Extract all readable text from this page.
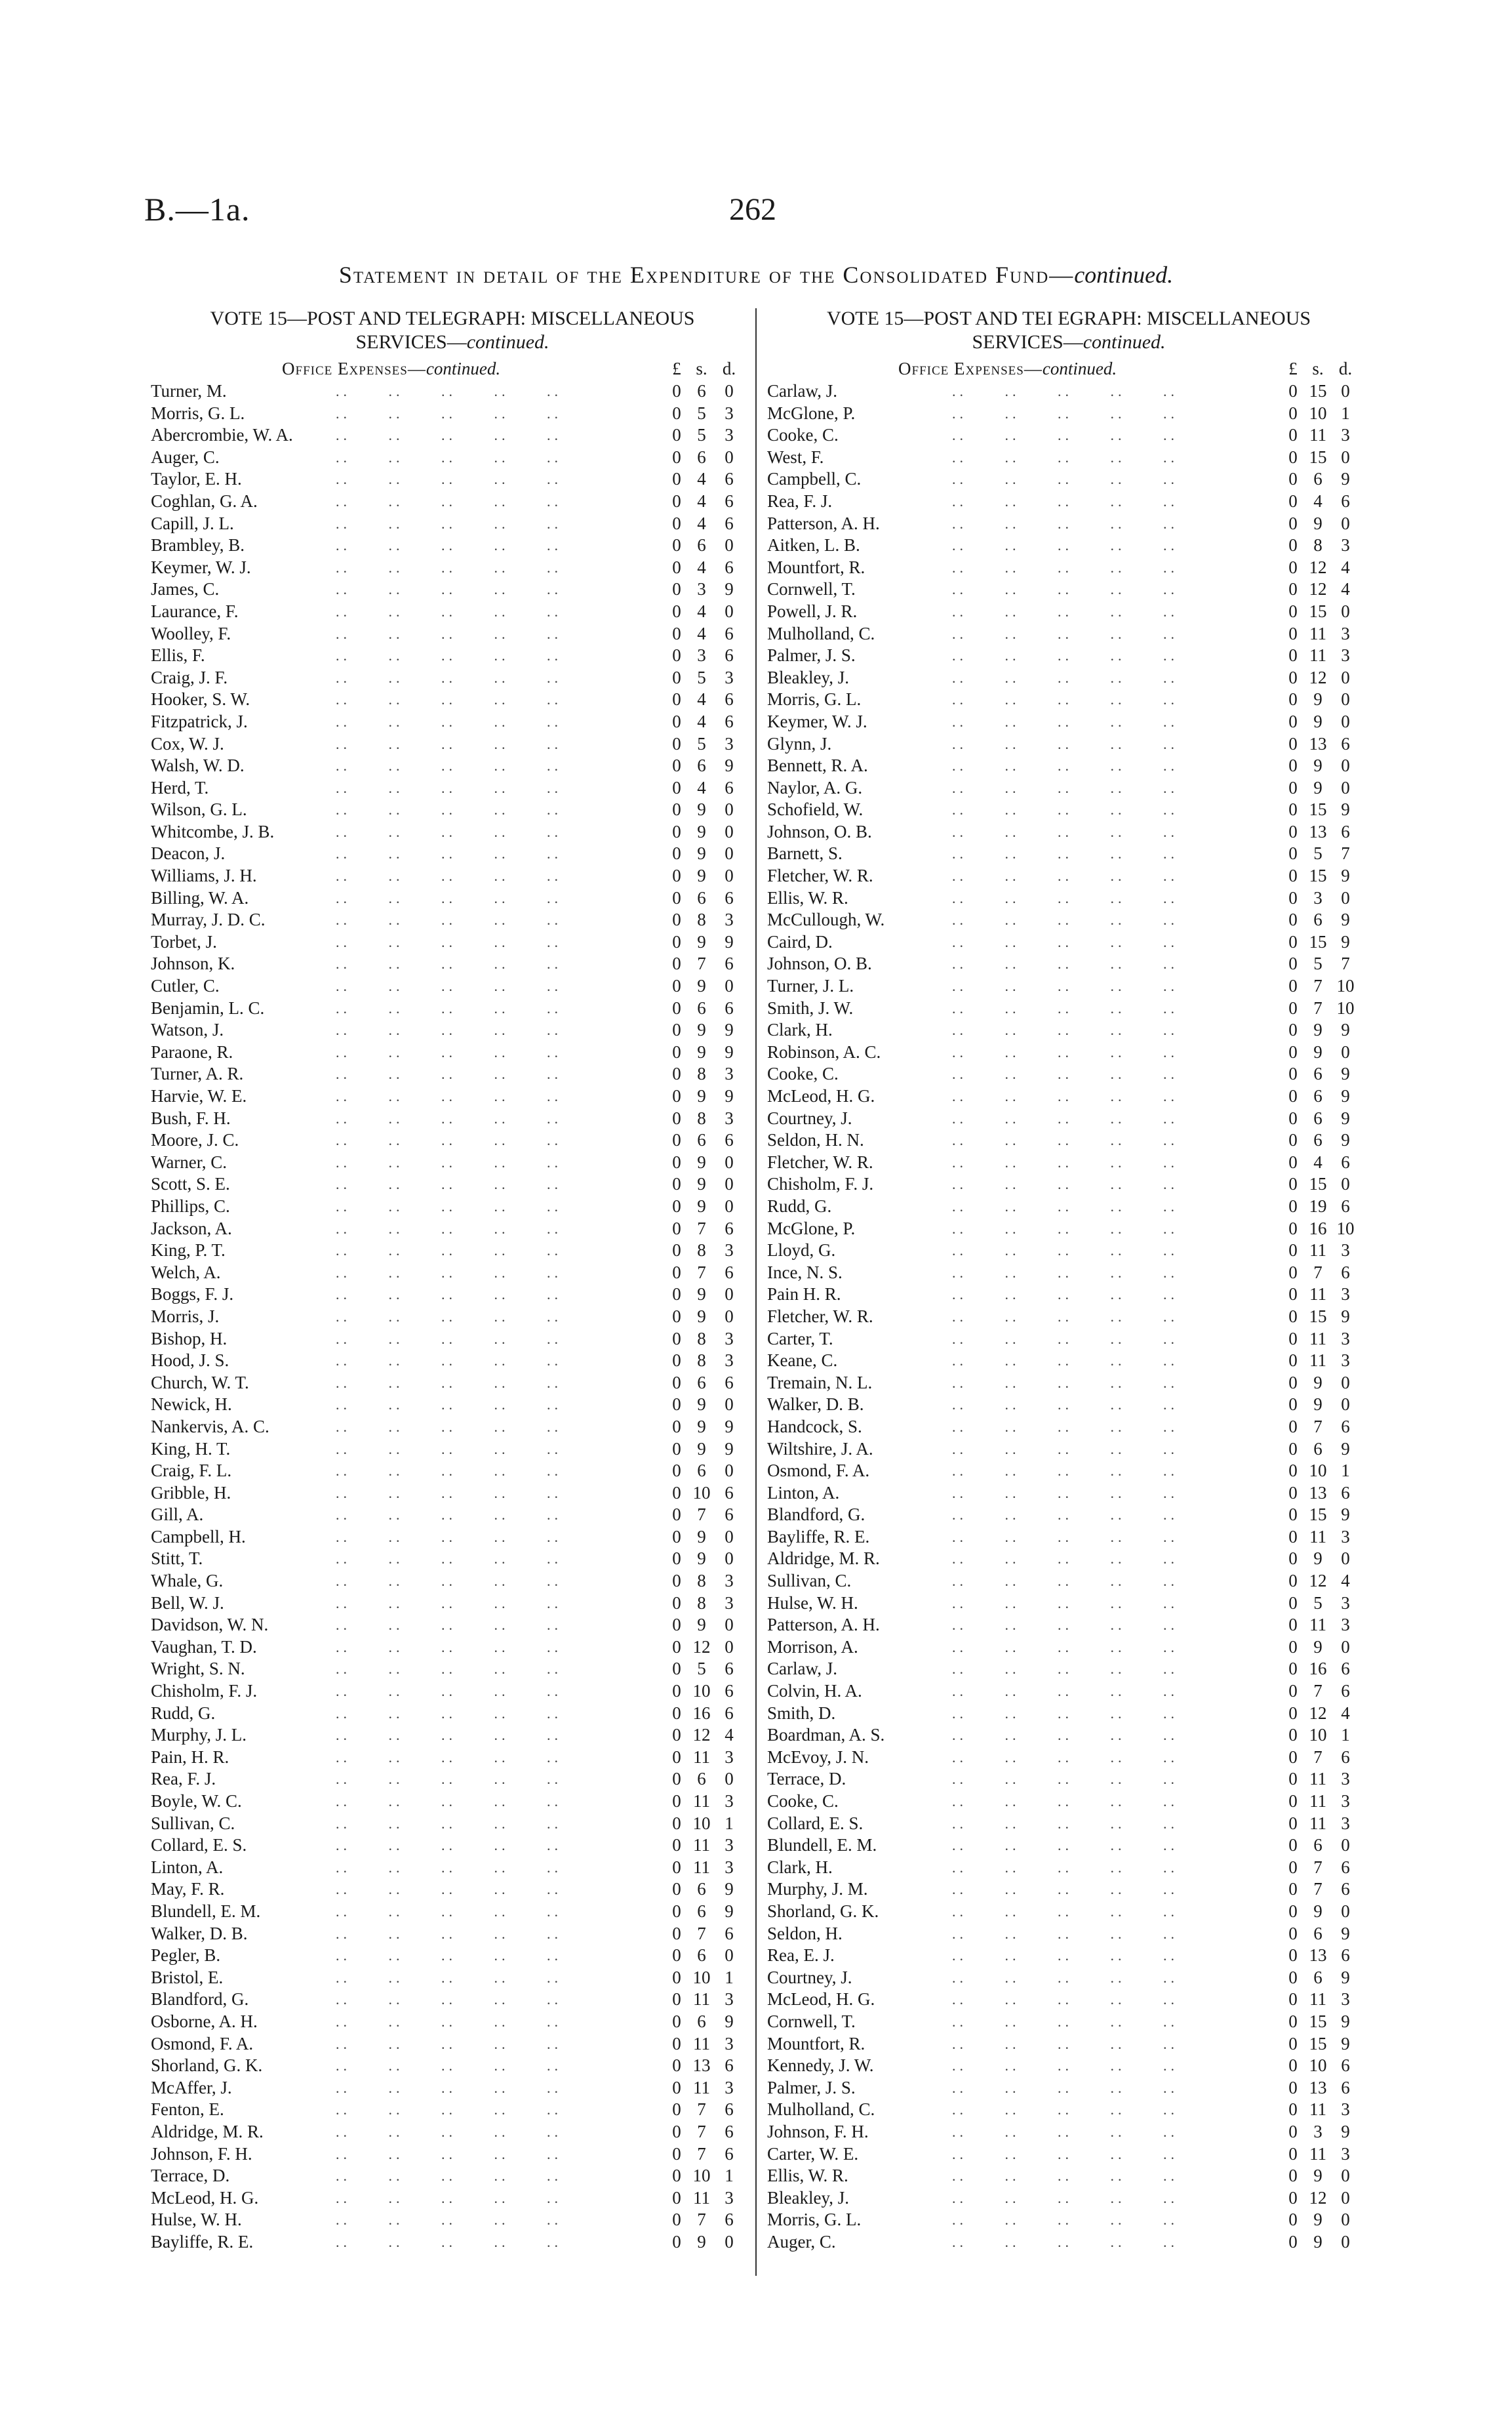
B.—1a.	262
Statement in detail of the Expenditure of the Consolidated Fund—continued.
VOTE 15—POST AND TELEGRAPH: MISCELLANEOUS
SERVICES—continued.
Office Expenses—continued.	£ s. d.
Turner, M.	..     ..     ..     ..     ..	0 6	0
Morris, G. L.	..     ..     ..     ..     ..	0 5	3
Abercrombie, W. A.	..     ..     ..     ..     ..	0 5	3
Auger, C.	..     ..     ..     ..     ..	0 6	0
Taylor, E. H.	..     ..     ..     ..     ..	0 4	6
Coghlan, G. A.	..     ..     ..     ..     ..	0 4	6
Capill, J. L.	..     ..     ..     ..     ..	0 4	6
Brambley, B.	..     ..     ..     ..     ..	0 6	0
Keymer, W. J.	..     ..     ..     ..     ..	0 4	6
James, C.	..     ..     ..     ..     ..	0 3	9
Laurance, F.	..     ..     ..     ..     ..	0 4	0
Woolley, F.	..     ..     ..     ..     ..	0 4	6
Ellis, F.	..     ..     ..     ..     ..	0 3	6
Craig, J. F.	..     ..     ..     ..     ..	0 5	3
Hooker, S. W.	..     ..     ..     ..     ..	0 4	6
Fitzpatrick, J.	..     ..     ..     ..     ..	0 4	6
Cox, W. J.	..     ..     ..     ..     ..	0 5	3
Walsh, W. D.	..     ..     ..     ..     ..	0 6	9
Herd, T.	..     ..     ..     ..     ..	0 4	6
Wilson, G. L.	..     ..     ..     ..     ..	0 9	0
Whitcombe, J. B.	..     ..     ..     ..     ..	0 9	0
Deacon, J.	..     ..     ..     ..     ..	0 9	0
Williams, J. H.	..     ..     ..     ..     ..	0 9	0
Billing, W. A.	..     ..     ..     ..     ..	0 6	6
Murray, J. D. C.	..     ..     ..     ..     ..	0 8	3
Torbet, J.	..     ..     ..     ..     ..	0 9	9
Johnson, K.	..     ..     ..     ..     ..	0 7	6
Cutler, C.	..     ..     ..     ..     ..	0 9	0
Benjamin, L. C.	..     ..     ..     ..     ..	0 6	6
Watson, J.	..     ..     ..     ..     ..	0 9	9
Paraone, R.	..     ..     ..     ..     ..	0 9	9
Turner, A. R.	..     ..     ..     ..     ..	0 8	3
Harvie, W. E.	..     ..     ..     ..     ..	0 9	9
Bush, F. H.	..     ..     ..     ..     ..	0 8	3
Moore, J. C.	..     ..     ..     ..     ..	0 6	6
Warner, C.	..     ..     ..     ..     ..	0 9	0
Scott, S. E.	..     ..     ..     ..     ..	0 9	0
Phillips, C.	..     ..     ..     ..     ..	0 9	0
Jackson, A.	..     ..     ..     ..     ..	0 7	6
King, P. T.	..     ..     ..     ..     ..	0 8	3
Welch, A.	..     ..     ..     ..     ..	0 7	6
Boggs, F. J.	..     ..     ..     ..     ..	0 9	0
Morris, J.	..     ..     ..     ..     ..	0 9	0
Bishop, H.	..     ..     ..     ..     ..	0 8	3
Hood, J. S.	..     ..     ..     ..     ..	0 8	3
Church, W. T.	..     ..     ..     ..     ..	0 6	6
Newick, H.	..     ..     ..     ..     ..	0 9	0
Nankervis, A. C.	..     ..     ..     ..     ..	0 9	9
King, H. T.	..     ..     ..     ..     ..	0 9	9
Craig, F. L.	..     ..     ..     ..     ..	0 6	0
Gribble, H.	..     ..     ..     ..     ..	0 10 6
Gill, A.	..     ..     ..     ..     ..	0 7	6
Campbell, H.	..     ..     ..     ..     ..	0 9	0
Stitt, T.	..     ..     ..     ..     ..	0 9	0
Whale, G.	..     ..     ..     ..     ..	0 8	3
Bell, W. J.	..     ..     ..     ..     ..	0 8	3
Davidson, W. N.	..     ..     ..     ..     ..	0 9	0
Vaughan, T. D.	..     ..     ..     ..     ..	0 12 0
Wright, S. N.	..     ..     ..     ..     ..	0 5	6
Chisholm, F. J.	..     ..     ..     ..     ..	0 10 6
Rudd, G.	..     ..     ..     ..     ..	0 16 6
Murphy, J. L.	..     ..     ..     ..     ..	0 12 4
Pain, H. R.	..     ..     ..     ..     ..	0 11 3
Rea, F. J.	..     ..     ..     ..     ..	0 6	0
Boyle, W. C.	..     ..     ..     ..     ..	0 11 3
Sullivan, C.	..     ..     ..     ..     ..	0 10 1
Collard, E. S.	..     ..     ..     ..     ..	0 11 3
Linton, A.	..     ..     ..     ..     ..	0 11 3
May, F. R.	..     ..     ..     ..     ..	0 6	9
Blundell, E. M.	..     ..     ..     ..     ..	0 6	9
Walker, D. B.	..     ..     ..     ..     ..	0 7	6
Pegler, B.	..     ..     ..     ..     ..	0 6	0
Bristol, E.	..     ..     ..     ..     ..	0 10 1
Blandford, G.	..     ..     ..     ..     ..	0 11 3
Osborne, A. H.	..     ..     ..     ..     ..	0 6	9
Osmond, F. A.	..     ..     ..     ..     ..	0 11 3
Shorland, G. K.	..     ..     ..     ..     ..	0 13 6
McAffer, J.	..     ..     ..     ..     ..	0 11 3
Fenton, E.	..     ..     ..     ..     ..	0 7	6
Aldridge, M. R.	..     ..     ..     ..     ..	0 7	6
Johnson, F. H.	..     ..     ..     ..     ..	0 7	6
Terrace, D.	..     ..     ..     ..     ..	0 10 1
McLeod, H. G.	..     ..     ..     ..     ..	0 11 3
Hulse, W. H.	..     ..     ..     ..     ..	0 7	6
Bayliffe, R. E.	..     ..     ..     ..     ..	0 9	0
VOTE 15—POST AND TEI EGRAPH: MISCELLANEOUS
SERVICES—continued.
Office Expenses—continued.	£ s. d.
Carlaw, J.	..     ..     ..     ..     ..	0 15 0
McGlone, P.	..     ..     ..     ..     ..	0 10 1
Cooke, C.	..     ..     ..     ..     ..	0 11 3
West, F.	..     ..     ..     ..     ..	0 15 0
Campbell, C.	..     ..     ..     ..     ..	0 6	9
Rea, F. J.	..     ..     ..     ..     ..	0 4	6
Patterson, A. H.	..     ..     ..     ..     ..	0 9	0
Aitken, L. B.	..     ..     ..     ..     ..	0 8	3
Mountfort, R.	..     ..     ..     ..     ..	0 12 4
Cornwell, T.	..     ..     ..     ..     ..	0 12 4
Powell, J. R.	..     ..     ..     ..     ..	0 15 0
Mulholland, C.	..     ..     ..     ..     ..	0 11 3
Palmer, J. S.	..     ..     ..     ..     ..	0 11 3
Bleakley, J.	..     ..     ..     ..     ..	0 12 0
Morris, G. L.	..     ..     ..     ..     ..	0 9	0
Keymer, W. J.	..     ..     ..     ..     ..	0 9	0
Glynn, J.	..     ..     ..     ..     ..	0 13 6
Bennett, R. A.	..     ..     ..     ..     ..	0 9	0
Naylor, A. G.	..     ..     ..     ..     ..	0 9	0
Schofield, W.	..     ..     ..     ..     ..	0 15 9
Johnson, O. B.	..     ..     ..     ..     ..	0 13 6
Barnett, S.	..     ..     ..     ..     ..	0 5	7
Fletcher, W. R.	..     ..     ..     ..     ..	0 15 9
Ellis, W. R.	..     ..     ..     ..     ..	0 3	0
McCullough, W.	..     ..     ..     ..     ..	0 6	9
Caird, D.	..     ..     ..     ..     ..	0 15 9
Johnson, O. B.	..     ..     ..     ..     ..	0 5	7
Turner, J. L.	..     ..     ..     ..     ..	0 7 10
Smith, J. W.	..     ..     ..     ..     ..	0 7 10
Clark, H.	..     ..     ..     ..     ..	0 9	9
Robinson, A. C.	..     ..     ..     ..     ..	0 9	0
Cooke, C.	..     ..     ..     ..     ..	0 6	9
McLeod, H. G.	..     ..     ..     ..     ..	0 6	9
Courtney, J.	..     ..     ..     ..     ..	0 6	9
Seldon, H. N.	..     ..     ..     ..     ..	0 6	9
Fletcher, W. R.	..     ..     ..     ..     ..	0 4	6
Chisholm, F. J.	..     ..     ..     ..     ..	0 15 0
Rudd, G.	..     ..     ..     ..     ..	0 19 6
McGlone, P.	..     ..     ..     ..     ..	0 16 10
Lloyd, G.	..     ..     ..     ..     ..	0 11 3
Ince, N. S.	..     ..     ..     ..     ..	0 7	6
Pain H. R.	..     ..     ..     ..     ..	0 11 3
Fletcher, W. R.	..     ..     ..     ..     ..	0 15 9
Carter, T.	..     ..     ..     ..     ..	0 11 3
Keane, C.	..     ..     ..     ..     ..	0 11 3
Tremain, N. L.	..     ..     ..     ..     ..	0 9	0
Walker, D. B.	..     ..     ..     ..     ..	0 9	0
Handcock, S.	..     ..     ..     ..     ..	0 7	6
Wiltshire, J. A.	..     ..     ..     ..     ..	0 6	9
Osmond, F. A.	..     ..     ..     ..     ..	0 10 1
Linton, A.	..     ..     ..     ..     ..	0 13 6
Blandford, G.	..     ..     ..     ..     ..	0 15 9
Bayliffe, R. E.	..     ..     ..     ..     ..	0 11 3
Aldridge, M. R.	..     ..     ..     ..     ..	0 9	0
Sullivan, C.	..     ..     ..     ..     ..	0 12 4
Hulse, W. H.	..     ..     ..     ..     ..	0 5	3
Patterson, A. H.	..     ..     ..     ..     ..	0 11 3
Morrison, A.	..     ..     ..     ..     ..	0 9	0
Carlaw, J.	..     ..     ..     ..     ..	0 16 6
Colvin, H. A.	..     ..     ..     ..     ..	0 7	6
Smith, D.	..     ..     ..     ..     ..	0 12 4
Boardman, A. S.	..     ..     ..     ..     ..	0 10 1
McEvoy, J. N.	..     ..     ..     ..     ..	0 7	6
Terrace, D.	..     ..     ..     ..     ..	0 11 3
Cooke, C.	..     ..     ..     ..     ..	0 11 3
Collard, E. S.	..     ..     ..     ..     ..	0 11 3
Blundell, E. M.	..     ..     ..     ..     ..	0 6	0
Clark, H.	..     ..     ..     ..     ..	0 7	6
Murphy, J. M.	..     ..     ..     ..     ..	0 7	6
Shorland, G. K.	..     ..     ..     ..     ..	0 9	0
Seldon, H.	..     ..     ..     ..     ..	0 6	9
Rea, E. J.	..     ..     ..     ..     ..	0 13 6
Courtney, J.	..     ..     ..     ..     ..	0 6	9
McLeod, H. G.	..     ..     ..     ..     ..	0 11 3
Cornwell, T.	..     ..     ..     ..     ..	0 15 9
Mountfort, R.	..     ..     ..     ..     ..	0 15 9
Kennedy, J. W.	..     ..     ..     ..     ..	0 10 6
Palmer, J. S.	..     ..     ..     ..     ..	0 13 6
Mulholland, C.	..     ..     ..     ..     ..	0 11 3
Johnson, F. H.	..     ..     ..     ..     ..	0 3	9
Carter, W. E.	..     ..     ..     ..     ..	0 11 3
Ellis, W. R.	..     ..     ..     ..     ..	0 9	0
Bleakley, J.	..     ..     ..     ..     ..	0 12 0
Morris, G. L.	..     ..     ..     ..     ..	0 9	0
Auger, C.	..     ..     ..     ..     ..	0 9	0
